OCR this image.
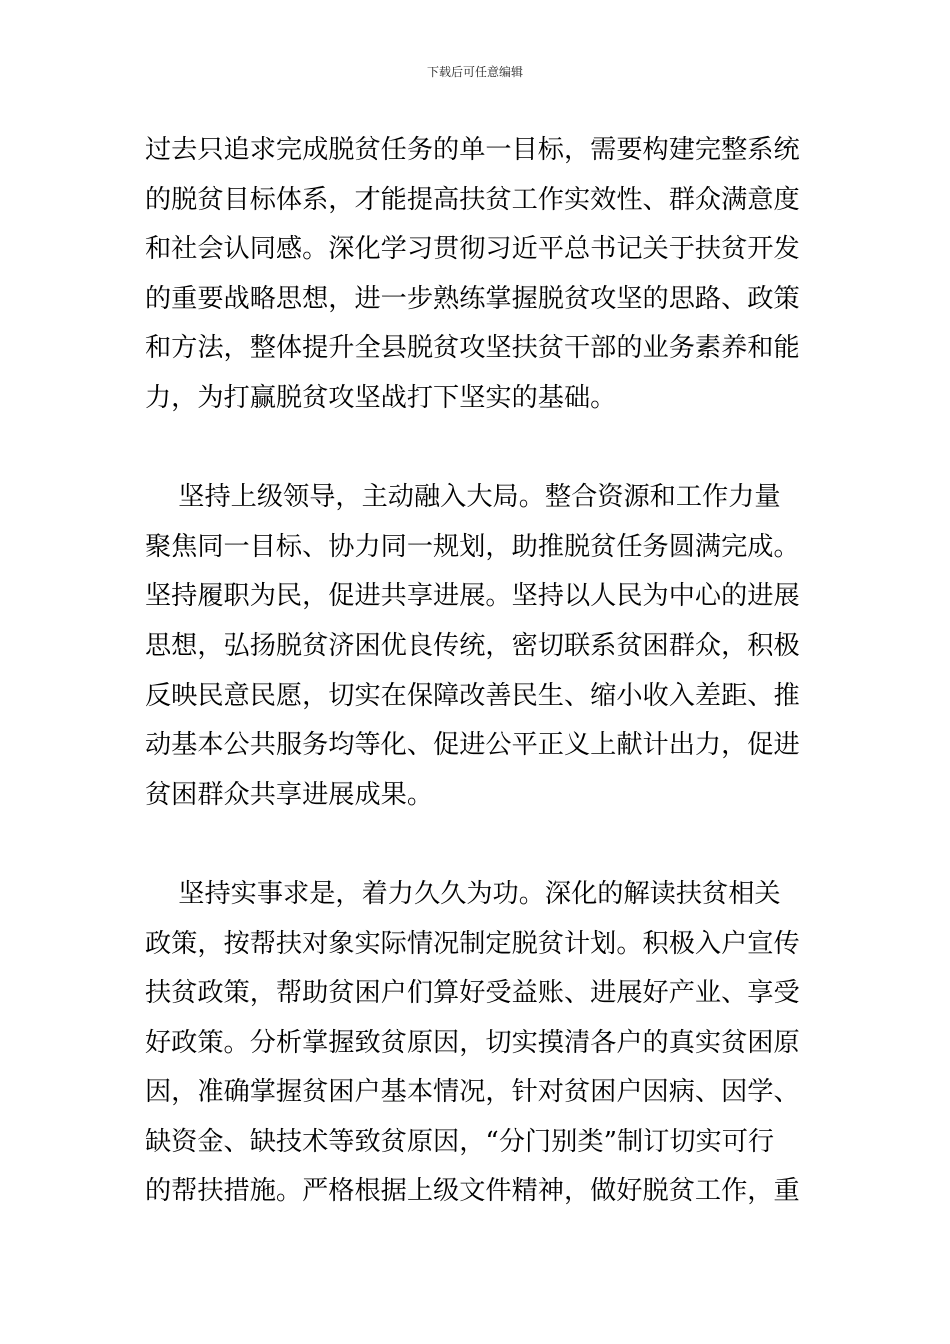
下载后可任意编辑
过去只追求完成脱贫任务的单一目标，需要构建完整系统
的脱贫目标体系，才能提高扶贫工作实效性、群众满意度
和社会认同感。深化学习贯彻习近平总书记关于扶贫开发
的重要战略思想，进一步熟练掌握脱贫攻坚的思路、政策
和方法，整体提升全县脱贫攻坚扶贫干部的业务素养和能
力，为打赢脱贫攻坚战打下坚实的基础。
坚持上级领导，主动融入大局。整合资源和工作力量
聚焦同一目标、协力同一规划，助推脱贫任务圆满完成。
坚持履职为民，促进共享进展。坚持以人民为中心的进展
思想，弘扬脱贫济困优良传统，密切联系贫困群众，积极
反映民意民愿，切实在保障改善民生、缩小收入差距、推
动基本公共服务均等化、促进公平正义上献计出力，促进
贫困群众共享进展成果。
坚持实事求是，着力久久为功。深化的解读扶贫相关
政策，按帮扶对象实际情况制定脱贫计划。积极入户宣传
扶贫政策，帮助贫困户们算好受益账、进展好产业、享受
好政策。分析掌握致贫原因，切实摸清各户的真实贫困原
因，准确掌握贫困户基本情况，针对贫困户因病、因学、
缺资金、缺技术等致贫原因，“分门别类”制订切实可行
的帮扶措施。严格根据上级文件精神，做好脱贫工作，重
